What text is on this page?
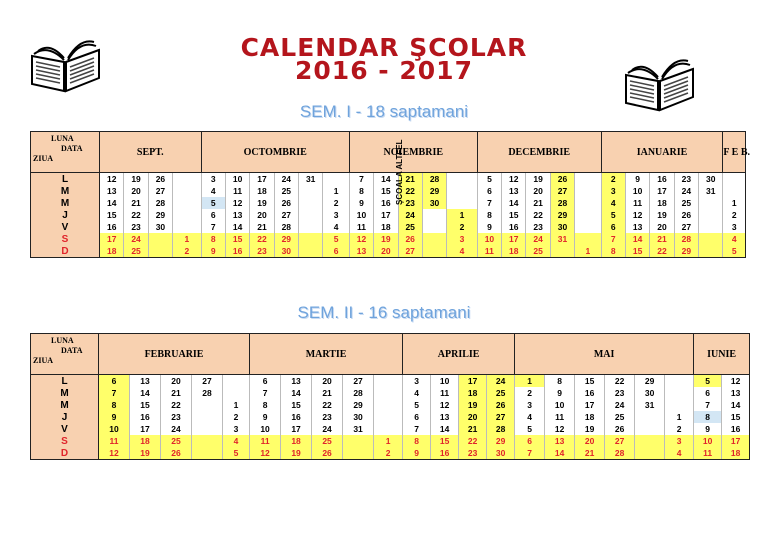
CALENDAR ŞCOLAR
2016 - 2017
SEM. I - 18 saptamani
SEM. II - 16 saptamani
LUNA
DATA
ZIUA	SEPT.				OCTOMBRIE						NOIEMBRIE					DECEMBRIE					IANUARIE					F E B.
L	12	19	26		3	10	17	24	31		7	14	21	28		5	12	19	26		2	9	16	23	30	
M	13	20	27		4	11	18	25		1	8	15	22	29		6	13	20	27		3	10	17	24	31	
M	14	21	28		5	12	19	26		2	9	16	23	30		7	14	21	28		4	11	18	25		1
J	15	22	29		6	13	20	27		3	10	17	24		1	8	15	22	29		5	12	19	26		2
V	16	23	30		7	14	21	28		4	11	18	25		2	9	16	23	30		6	13	20	27		3
S	17	24		1	8	15	22	29		5	12	19	26		3	10	17	24	31		7	14	21	28		4
D	18	25		2	9	16	23	30		6	13	20	27		4	11	18	25		1	8	15	22	29		5
ŞCOALA ALTFEL
LUNA
DATA
ZIUA	FEBRUARIE					MARTIE					APRILIE				MAI						IUNIE	
L	6	13	20	27		6	13	20	27		3	10	17	24	1	8	15	22	29		5	12
M	7	14	21	28		7	14	21	28		4	11	18	25	2	9	16	23	30		6	13
M	8	15	22		1	8	15	22	29		5	12	19	26	3	10	17	24	31		7	14
J	9	16	23		2	9	16	23	30		6	13	20	27	4	11	18	25		1	8	15
V	10	17	24		3	10	17	24	31		7	14	21	28	5	12	19	26		2	9	16
S	11	18	25		4	11	18	25		1	8	15	22	29	6	13	20	27		3	10	17
D	12	19	26		5	12	19	26		2	9	16	23	30	7	14	21	28		4	11	18
